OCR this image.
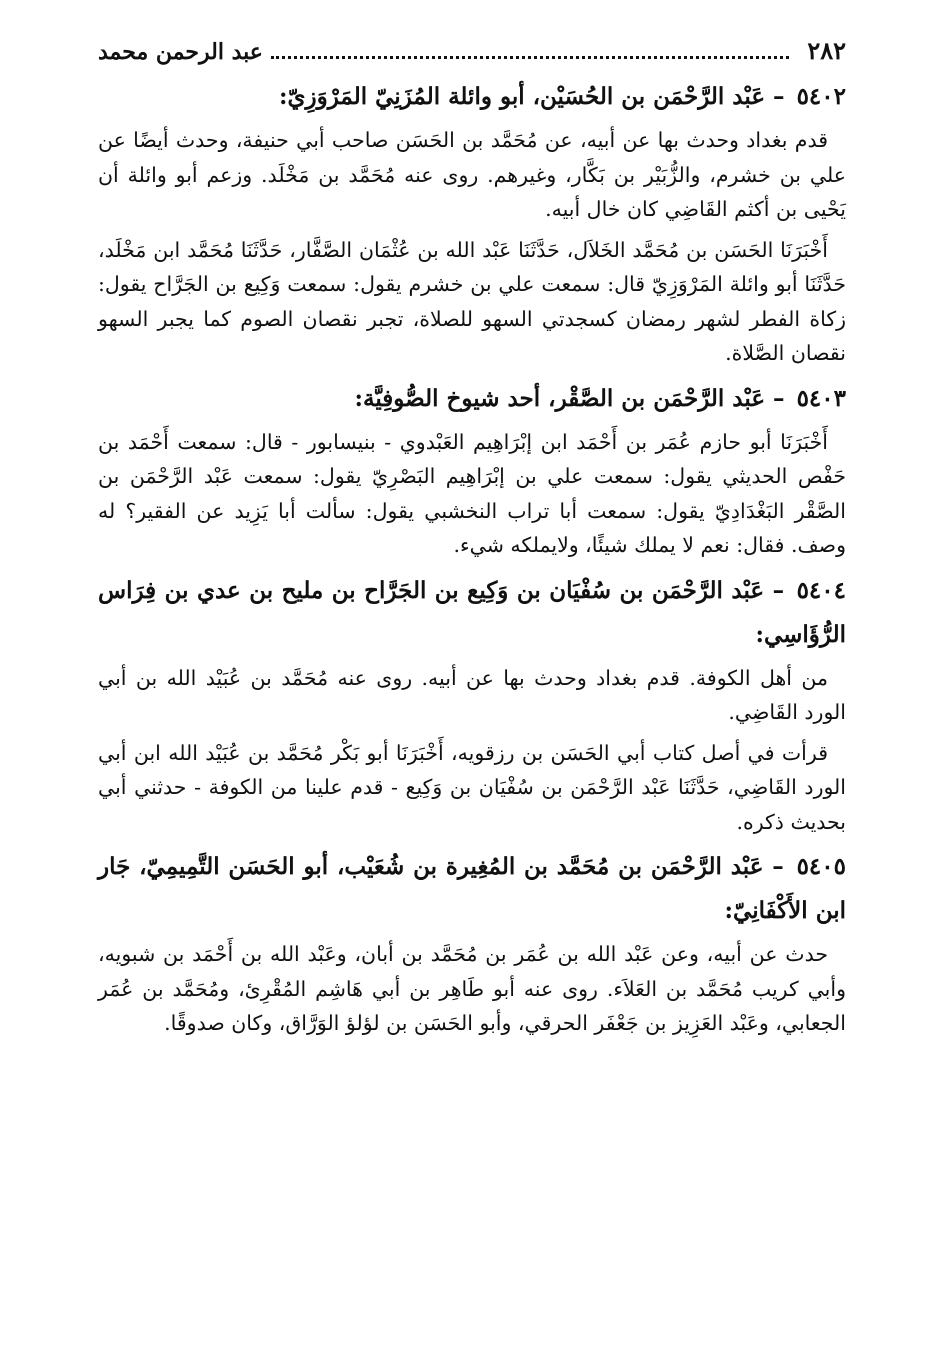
٢٨٢
عبد الرحمن محمد
٥٤٠٢ – عَبْد الرَّحْمَن بن الحُسَيْن، أبو وائلة المُزَنِيّ المَرْوَزِيّ:

قدم بغداد وحدث بها عن أبيه، عن مُحَمَّد بن الحَسَن صاحب أبي حنيفة، وحدث أيضًا عن علي بن خشرم، والزُّبَيْر بن بَكَّار، وغيرهم. روى عنه مُحَمَّد بن مَخْلَد. وزعم أبو وائلة أن يَحْيى بن أكثم القَاضِي كان خال أبيه.

أَخْبَرَنَا الحَسَن بن مُحَمَّد الخَلاَل، حَدَّثَنَا عَبْد الله بن عُثْمَان الصَّفَّار، حَدَّثَنَا مُحَمَّد ابن مَخْلَد، حَدَّثَنَا أبو وائلة المَرْوَزِيّ قال: سمعت علي بن خشرم يقول: سمعت وَكِيع بن الجَرَّاح يقول: زكاة الفطر لشهر رمضان كسجدتي السهو للصلاة، تجبر نقصان الصوم كما يجبر السهو نقصان الصَّلاة.

٥٤٠٣ – عَبْد الرَّحْمَن بن الصَّقْر، أحد شيوخ الصُّوفِيَّة:

أَخْبَرَنَا أبو حازم عُمَر بن أَحْمَد ابن إبْرَاهِيم العَبْدوي - بنيسابور - قال: سمعت أَحْمَد بن حَفْص الحديثي يقول: سمعت علي بن إبْرَاهِيم البَصْرِيّ يقول: سمعت عَبْد الرَّحْمَن بن الصَّقْر البَغْدَادِيّ يقول: سمعت أبا تراب النخشبي يقول: سألت أبا يَزِيد عن الفقير؟ له وصف. فقال: نعم لا يملك شيئًا، ولايملكه شيء.

٥٤٠٤ – عَبْد الرَّحْمَن بن سُفْيَان بن وَكِيع بن الجَرَّاح بن مليح بن عدي بن فِرَاس الرُّؤَاسِي:

من أهل الكوفة. قدم بغداد وحدث بها عن أبيه. روى عنه مُحَمَّد بن عُبَيْد الله بن أبي الورد القَاضِي.

قرأت في أصل كتاب أبي الحَسَن بن رزقويه، أَخْبَرَنَا أبو بَكْر مُحَمَّد بن عُبَيْد الله ابن أبي الورد القَاضِي، حَدَّثَنَا عَبْد الرَّحْمَن بن سُفْيَان بن وَكِيع - قدم علينا من الكوفة - حدثني أبي بحديث ذكره.

٥٤٠٥ – عَبْد الرَّحْمَن بن مُحَمَّد بن المُغِيرة بن شُعَيْب، أبو الحَسَن التَّمِيمِيّ، جَار ابن الأَكْفَانِيّ:

حدث عن أبيه، وعن عَبْد الله بن عُمَر بن مُحَمَّد بن أبان، وعَبْد الله بن أَحْمَد بن شبويه، وأبي كريب مُحَمَّد بن العَلاَء. روى عنه أبو طَاهِر بن أبي هَاشِم المُقْرِئ، ومُحَمَّد بن عُمَر الجعابي، وعَبْد العَزِيز بن جَعْفَر الحرقي، وأبو الحَسَن بن لؤلؤ الوَرَّاق، وكان صدوقًا.
